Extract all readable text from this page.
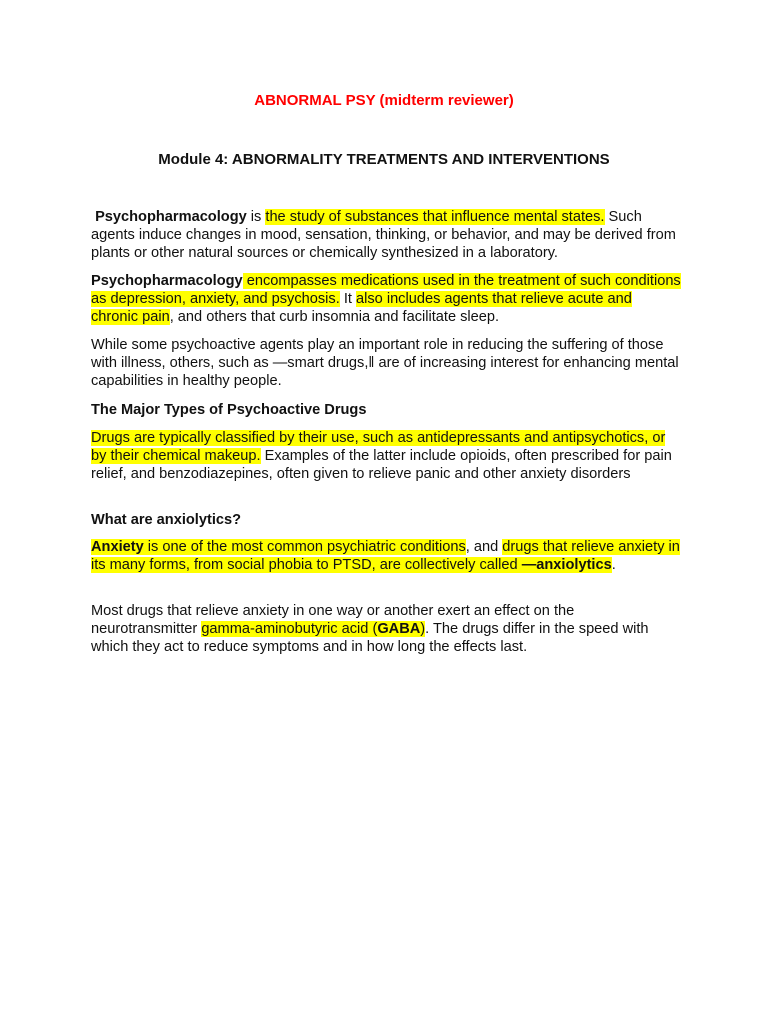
ABNORMAL PSY (midterm reviewer)
Module 4: ABNORMALITY TREATMENTS AND INTERVENTIONS

Psychopharmacology is the study of substances that influence mental states. Such agents induce changes in mood, sensation, thinking, or behavior, and may be derived from plants or other natural sources or chemically synthesized in a laboratory.

Psychopharmacology encompasses medications used in the treatment of such conditions as depression, anxiety, and psychosis. It also includes agents that relieve acute and chronic pain, and others that curb insomnia and facilitate sleep.

While some psychoactive agents play an important role in reducing the suffering of those with illness, others, such as —smart drugs,‖ are of increasing interest for enhancing mental capabilities in healthy people.

The Major Types of Psychoactive Drugs

Drugs are typically classified by their use, such as antidepressants and antipsychotics, or by their chemical makeup. Examples of the latter include opioids, often prescribed for pain relief, and benzodiazepines, often given to relieve panic and other anxiety disorders

What are anxiolytics?

Anxiety is one of the most common psychiatric conditions, and drugs that relieve anxiety in its many forms, from social phobia to PTSD, are collectively called —anxiolytics.

Most drugs that relieve anxiety in one way or another exert an effect on the neurotransmitter gamma-aminobutyric acid (GABA). The drugs differ in the speed with which they act to reduce symptoms and in how long the effects last.
